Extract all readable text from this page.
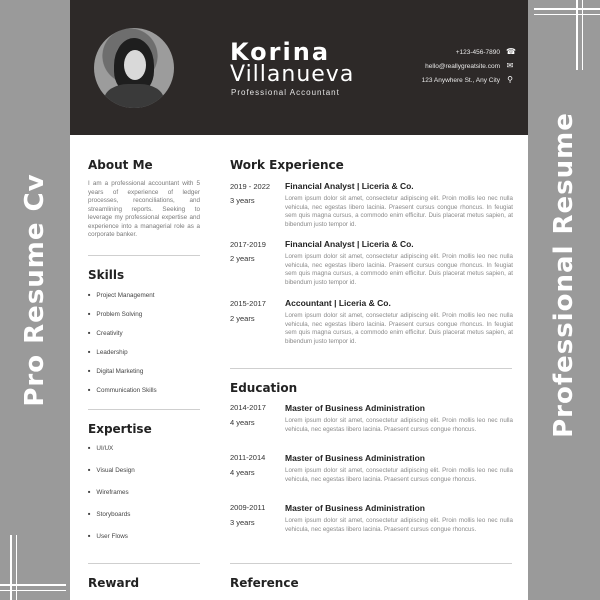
Pro Resume Cv	Professional Resume
Korina
Villanueva
Professional Accountant
+123-456-7890 ☎
hello@reallygreatsite.com ✉
123 Anywhere St., Any City ⚲
About Me
I am a professional accountant with 5 years of experience of ledger processes, reconciliations, and streamlining reports. Seeking to leverage my professional expertise and experience into a managerial role as a corporate banker.
Skills
■ Project Management
■ Problem Solving
■ Creativity
■ Leadership
■ Digital Marketing
■ Communication Skills
Expertise
■ UI/UX
■ Visual Design
■ Wireframes
■ Storyboards
■ User Flows
Reward
Work Experience
2019 - 2022
3 years
Financial Analyst | Liceria & Co.
Lorem ipsum dolor sit amet, consectetur adipiscing elit. Proin mollis leo nec nulla vehicula, nec egestas libero lacinia. Praesent cursus congue rhoncus. In feugiat sem quis magna cursus, a commodo enim efficitur. Duis placerat metus sapien, at bibendum justo tempor id.
2017-2019
2 years
Financial Analyst | Liceria & Co.
Lorem ipsum dolor sit amet, consectetur adipiscing elit. Proin mollis leo nec nulla vehicula, nec egestas libero lacinia. Praesent cursus congue rhoncus. In feugiat sem quis magna cursus, a commodo enim efficitur. Duis placerat metus sapien, at bibendum justo tempor id.
2015-2017
2 years
Accountant | Liceria & Co.
Lorem ipsum dolor sit amet, consectetur adipiscing elit. Proin mollis leo nec nulla vehicula, nec egestas libero lacinia. Praesent cursus congue rhoncus. In feugiat sem quis magna cursus, a commodo enim efficitur. Duis placerat metus sapien, at bibendum justo tempor id.
Education
2014-2017
4 years
Master of Business Administration
Lorem ipsum dolor sit amet, consectetur adipiscing elit. Proin mollis leo nec nulla vehicula, nec egestas libero lacinia. Praesent cursus congue rhoncus.
2011-2014
4 years
Master of Business Administration
Lorem ipsum dolor sit amet, consectetur adipiscing elit. Proin mollis leo nec nulla vehicula, nec egestas libero lacinia. Praesent cursus congue rhoncus.
2009-2011
3 years
Master of Business Administration
Lorem ipsum dolor sit amet, consectetur adipiscing elit. Proin mollis leo nec nulla vehicula, nec egestas libero lacinia. Praesent cursus congue rhoncus.
Reference
